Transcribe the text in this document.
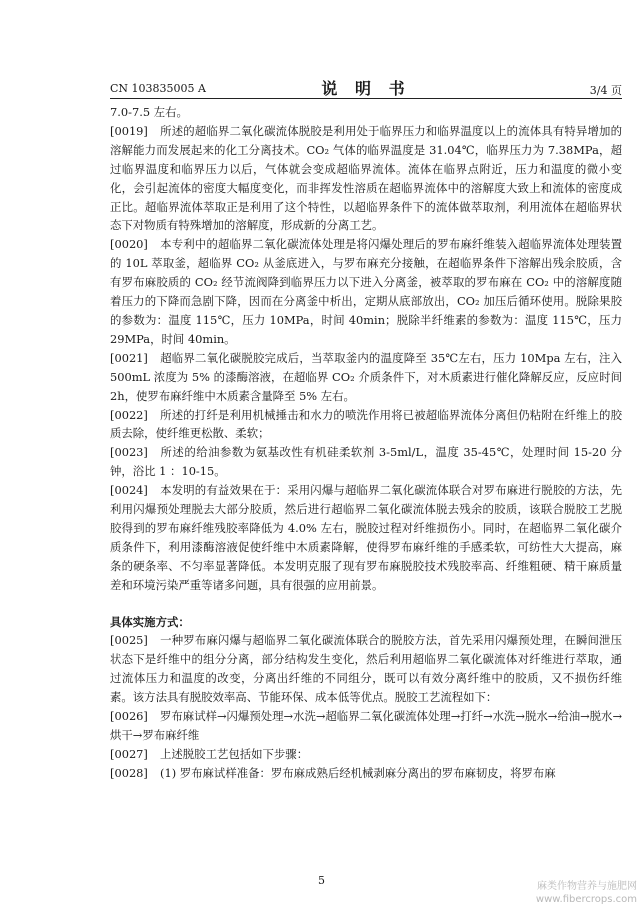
CN 103835005 A	说 明 书	3/4 页

7.0-7.5 左右。

[0019] 所述的超临界二氧化碳流体脱胶是利用处于临界压力和临界温度以上的流体具有特异增加的溶解能力而发展起来的化工分离技术。CO₂ 气体的临界温度是 31.04℃，临界压力为 7.38MPa，超过临界温度和临界压力以后，气体就会变成超临界流体。流体在临界点附近，压力和温度的微小变化，会引起流体的密度大幅度变化，而非挥发性溶质在超临界流体中的溶解度大致上和流体的密度成正比。超临界流体萃取正是利用了这个特性，以超临界条件下的流体做萃取剂，利用流体在超临界状态下对物质有特殊增加的溶解度，形成新的分离工艺。

[0020] 本专利中的超临界二氧化碳流体处理是将闪爆处理后的罗布麻纤维装入超临界流体处理装置的 10L 萃取釜，超临界 CO₂ 从釜底进入，与罗布麻充分接触，在超临界条件下溶解出残余胶质，含有罗布麻胶质的 CO₂ 经节流阀降到临界压力以下进入分离釜，被萃取的罗布麻在 CO₂ 中的溶解度随着压力的下降而急剧下降，因而在分离釜中析出，定期从底部放出，CO₂ 加压后循环使用。脱除果胶的参数为：温度 115℃，压力 10MPa，时间 40min；脱除半纤维素的参数为：温度 115℃，压力 29MPa，时间 40min。

[0021] 超临界二氧化碳脱胶完成后，当萃取釜内的温度降至 35℃左右，压力 10Mpa 左右，注入 500mL 浓度为 5% 的漆酶溶液，在超临界 CO₂ 介质条件下，对木质素进行催化降解反应，反应时间 2h，使罗布麻纤维中木质素含量降至 5% 左右。

[0022] 所述的打纤是利用机械捶击和水力的喷洗作用将已被超临界流体分离但仍粘附在纤维上的胶质去除，使纤维更松散、柔软；

[0023] 所述的给油参数为氨基改性有机硅柔软剂 3-5ml/L，温度 35-45℃，处理时间 15-20 分钟，浴比 1 ：10-15。

[0024] 本发明的有益效果在于：采用闪爆与超临界二氧化碳流体联合对罗布麻进行脱胶的方法，先利用闪爆预处理脱去大部分胶质，然后进行超临界二氧化碳流体脱去残余的胶质，该联合脱胶工艺脱胶得到的罗布麻纤维残胶率降低为 4.0% 左右，脱胶过程对纤维损伤小。同时，在超临界二氧化碳介质条件下，利用漆酶溶液促使纤维中木质素降解，使得罗布麻纤维的手感柔软，可纺性大大提高，麻条的硬条率、不匀率显著降低。本发明克服了现有罗布麻脱胶技术残胶率高、纤维粗硬、精干麻质量差和环境污染严重等诸多问题，具有很强的应用前景。

具体实施方式：

[0025] 一种罗布麻闪爆与超临界二氧化碳流体联合的脱胶方法，首先采用闪爆预处理，在瞬间泄压状态下是纤维中的组分分离，部分结构发生变化，然后利用超临界二氧化碳流体对纤维进行萃取，通过流体压力和温度的改变，分离出纤维的不同组分，既可以有效分离纤维中的胶质，又不损伤纤维素。该方法具有脱胶效率高、节能环保、成本低等优点。脱胶工艺流程如下：

[0026] 罗布麻试样→闪爆预处理→水洗→超临界二氧化碳流体处理→打纤→水洗→脱水→给油→脱水→烘干→罗布麻纤维

[0027] 上述脱胶工艺包括如下步骤：

[0028] (1) 罗布麻试样准备：罗布麻成熟后经机械剥麻分离出的罗布麻韧皮，将罗布麻

5	麻类作物营养与施肥网
www.fibercrops.com
